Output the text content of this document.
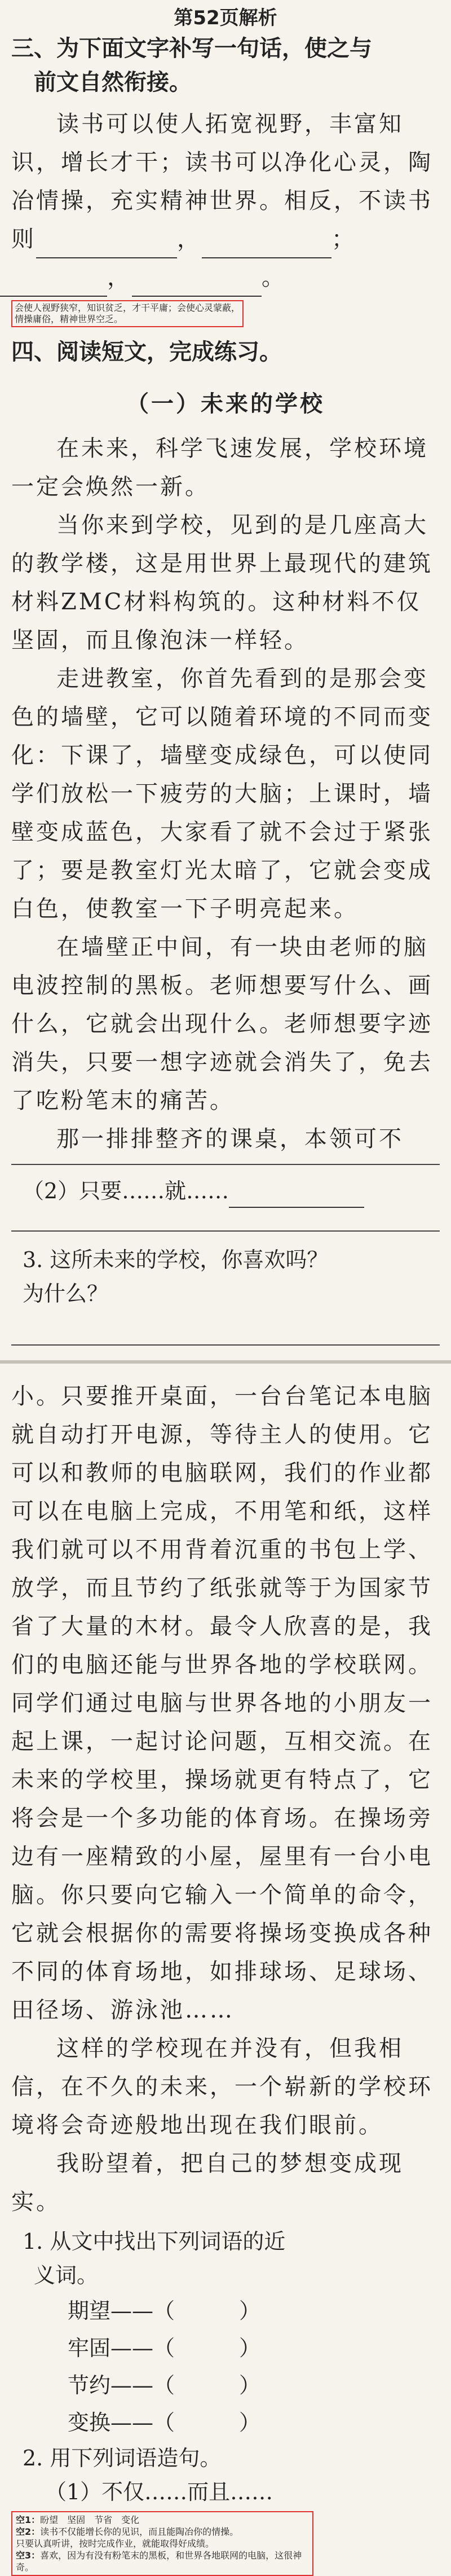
第52页解析
三、为下面文字补写一句话，使之与
前文自然衔接。
读书可以使人拓宽视野，丰富知识，增长才干；读书可以净化心灵，陶冶情操，充实精神世界。相反，不读书则	，	；
，	。
会使人视野狭窄，知识贫乏，才干平庸；会使心灵蒙蔽，情操庸俗，精神世界空乏。
四、阅读短文，完成练习。
（一）未来的学校
在未来，科学飞速发展，学校环境一定会焕然一新。
当你来到学校，见到的是几座高大的教学楼，这是用世界上最现代的建筑材料ZMC材料构筑的。这种材料不仅坚固，而且像泡沫一样轻。
走进教室，你首先看到的是那会变色的墙壁，它可以随着环境的不同而变化：下课了，墙壁变成绿色，可以使同学们放松一下疲劳的大脑；上课时，墙壁变成蓝色，大家看了就不会过于紧张了；要是教室灯光太暗了，它就会变成白色，使教室一下子明亮起来。
在墙壁正中间，有一块由老师的脑电波控制的黑板。老师想要写什么、画什么，它就会出现什么。老师想要字迹消失，只要一想字迹就会消失了，免去了吃粉笔末的痛苦。
那一排排整齐的课桌，本领可不
（2）只要……就……
3. 这所未来的学校，你喜欢吗？
为什么？
小。只要推开桌面，一台台笔记本电脑就自动打开电源，等待主人的使用。它可以和教师的电脑联网，我们的作业都可以在电脑上完成，不用笔和纸，这样我们就可以不用背着沉重的书包上学、放学，而且节约了纸张就等于为国家节省了大量的木材。最令人欣喜的是，我们的电脑还能与世界各地的学校联网。同学们通过电脑与世界各地的小朋友一起上课，一起讨论问题，互相交流。在未来的学校里，操场就更有特点了，它将会是一个多功能的体育场。在操场旁边有一座精致的小屋，屋里有一台小电脑。你只要向它输入一个简单的命令，它就会根据你的需要将操场变换成各种不同的体育场地，如排球场、足球场、田径场、游泳池……
这样的学校现在并没有，但我相信，在不久的未来，一个崭新的学校环境将会奇迹般地出现在我们眼前。
我盼望着，把自己的梦想变成现实。
1. 从文中找出下列词语的近
义词。
期望——（　　　）
牢固——（　　　）
节约——（　　　）
变换——（　　　）
2. 用下列词语造句。
（1）不仅……而且……
空1：盼望　坚固　节省　变化
空2：读书不仅能增长你的见识，而且能陶冶你的情操。
只要认真听讲，按时完成作业，就能取得好成绩。
空3：喜欢，因为有没有粉笔末的黑板，和世界各地联网的电脑，这很神奇。
